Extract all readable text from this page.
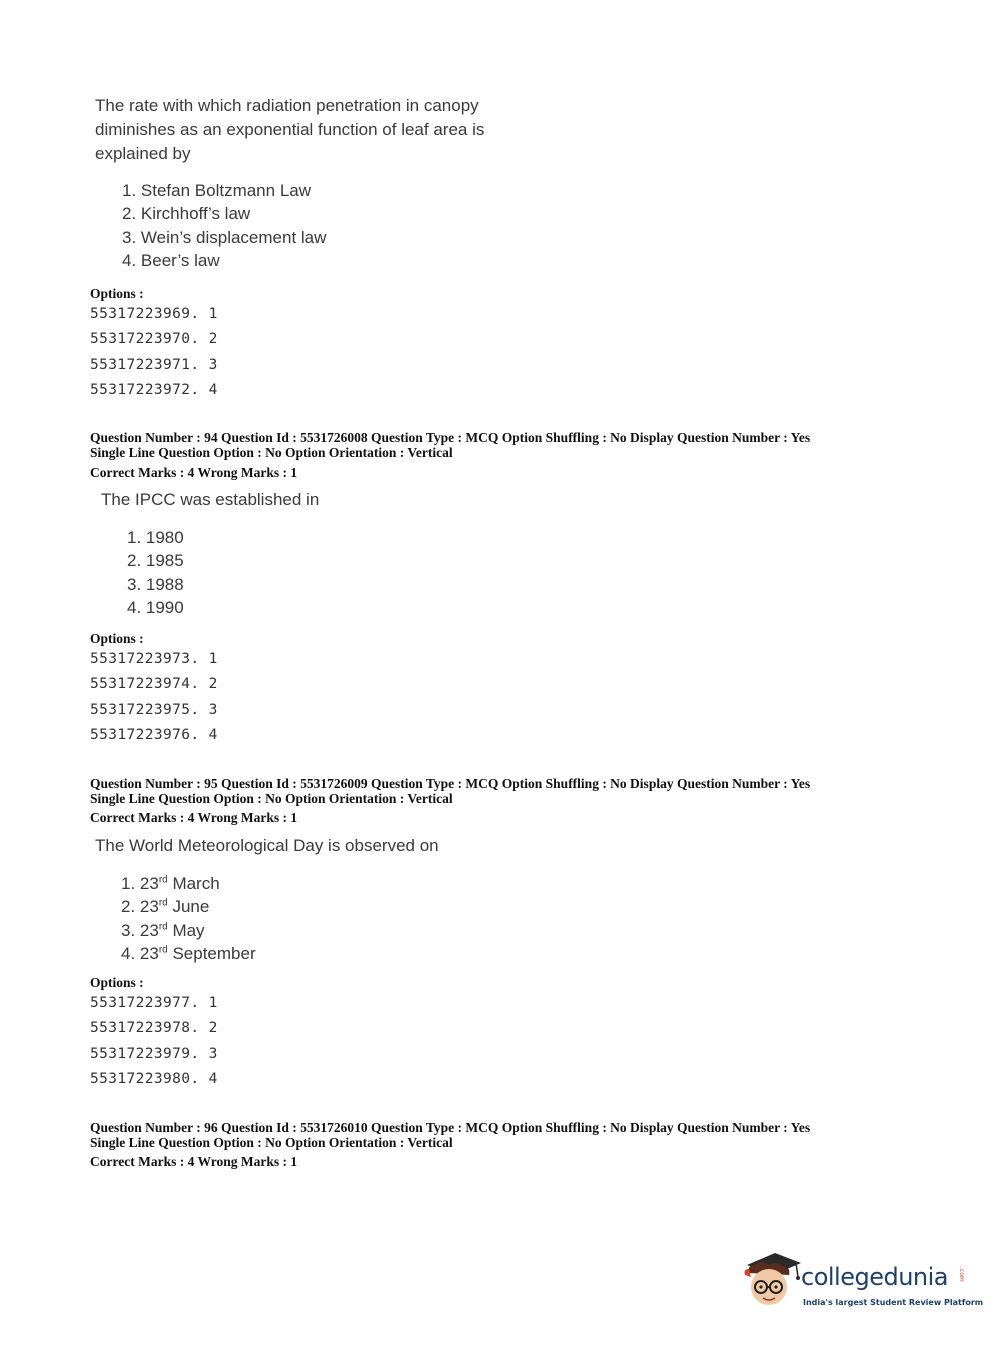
The rate with which radiation penetration in canopy
diminishes as an exponential function of leaf area is
explained by
1. Stefan Boltzmann Law
2. Kirchhoff’s law
3. Wein’s displacement law
4. Beer’s law
Options :
55317223969. 1
55317223970. 2
55317223971. 3
55317223972. 4
Question Number : 94 Question Id : 5531726008 Question Type : MCQ Option Shuffling : No Display Question Number : Yes
Single Line Question Option : No Option Orientation : Vertical
Correct Marks : 4 Wrong Marks : 1
The IPCC was established in
1. 1980
2. 1985
3. 1988
4. 1990
Options :
55317223973. 1
55317223974. 2
55317223975. 3
55317223976. 4
Question Number : 95 Question Id : 5531726009 Question Type : MCQ Option Shuffling : No Display Question Number : Yes
Single Line Question Option : No Option Orientation : Vertical
Correct Marks : 4 Wrong Marks : 1
The World Meteorological Day is observed on
1. 23rd March
2. 23rd June
3. 23rd May
4. 23rd September
Options :
55317223977. 1
55317223978. 2
55317223979. 3
55317223980. 4
Question Number : 96 Question Id : 5531726010 Question Type : MCQ Option Shuffling : No Display Question Number : Yes
Single Line Question Option : No Option Orientation : Vertical
Correct Marks : 4 Wrong Marks : 1
collegedunia .com
India's largest Student Review Platform
